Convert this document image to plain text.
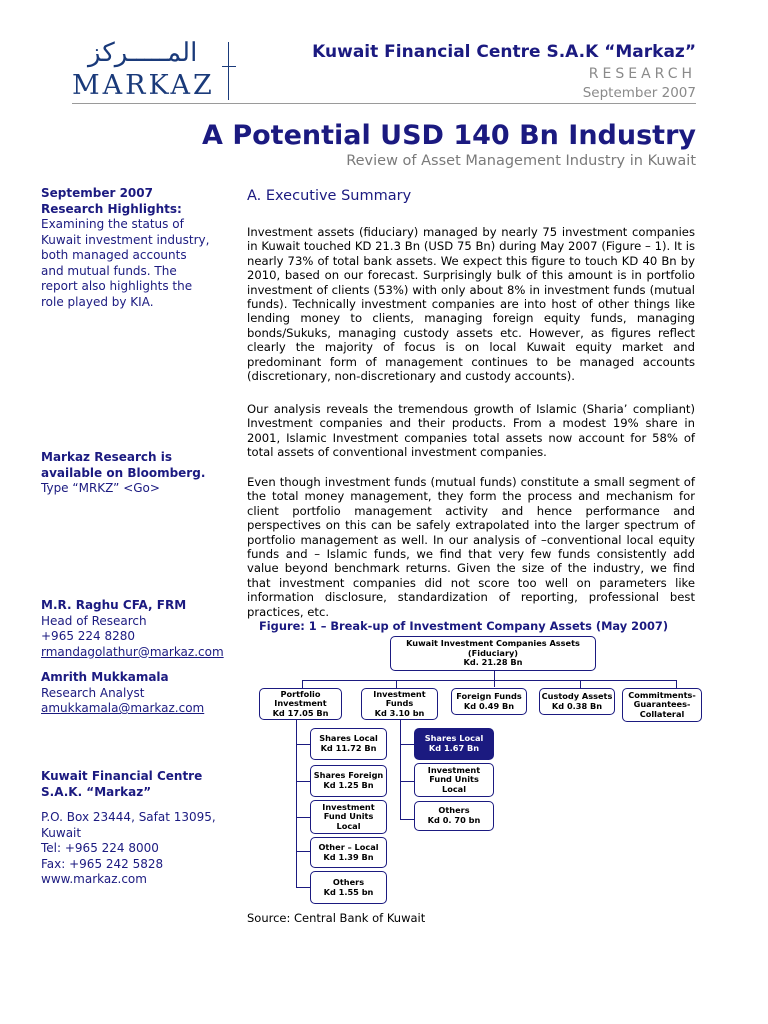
المـــــركز
MARKAZ
Kuwait Financial Centre S.A.K “Markaz”
RESEARCH
September 2007
A Potential USD 140 Bn Industry
Review of Asset Management Industry in Kuwait
September 2007
Research Highlights:
Examining the status of Kuwait investment industry, both managed accounts and mutual funds. The report also highlights the role played by KIA.
Markaz Research is
available on Bloomberg.
Type “MRKZ” <Go>
M.R. Raghu CFA, FRM
Head of Research
+965 224 8280
rmandagolathur@markaz.com
Amrith Mukkamala
Research Analyst
amukkamala@markaz.com
Kuwait Financial Centre
S.A.K. “Markaz”
P.O. Box 23444, Safat 13095,
Kuwait
Tel: +965 224 8000
Fax: +965 242 5828
www.markaz.com
A. Executive Summary
Investment assets (fiduciary) managed by nearly 75 investment companies in Kuwait touched KD 21.3 Bn (USD 75 Bn) during May 2007 (Figure – 1). It is nearly 73% of total bank assets. We expect this figure to touch KD 40 Bn by 2010, based on our forecast. Surprisingly bulk of this amount is in portfolio investment of clients (53%) with only about 8% in investment funds (mutual funds). Technically investment companies are into host of other things like lending money to clients, managing foreign equity funds, managing bonds/Sukuks, managing custody assets etc. However, as figures reflect clearly the majority of focus is on local Kuwait equity market and predominant form of management continues to be managed accounts (discretionary, non-discretionary and custody accounts).
Our analysis reveals the tremendous growth of Islamic (Sharia’ compliant) Investment companies and their products. From a modest 19% share in 2001, Islamic Investment companies total assets now account for 58% of total assets of conventional investment companies.
Even though investment funds (mutual funds) constitute a small segment of the total money management, they form the process and mechanism for client portfolio management activity and hence performance and perspectives on this can be safely extrapolated into the larger spectrum of portfolio management as well. In our analysis of –conventional local equity funds and – Islamic funds, we find that very few funds consistently add value beyond benchmark returns. Given the size of the industry, we find that investment companies did not score too well on parameters like information disclosure, standardization of reporting, professional best practices, etc.
Figure: 1 – Break-up of Investment Company Assets (May 2007)
Kuwait Investment Companies Assets
(Fiduciary)
Kd. 21.28 Bn
Portfolio
Investment
Kd 17.05 Bn
Investment
Funds
Kd 3.10 bn
Foreign Funds
Kd 0.49 Bn
Custody Assets
Kd 0.38 Bn
Commitments-
Guarantees-
Collateral
Shares Local
Kd 11.72 Bn
Shares Foreign
Kd 1.25 Bn
Investment
Fund Units
Local
Other – Local
Kd 1.39 Bn
Others
Kd 1.55 bn
Shares Local
Kd 1.67 Bn
Investment
Fund Units
Local
Others
Kd 0. 70 bn
Source: Central Bank of Kuwait
